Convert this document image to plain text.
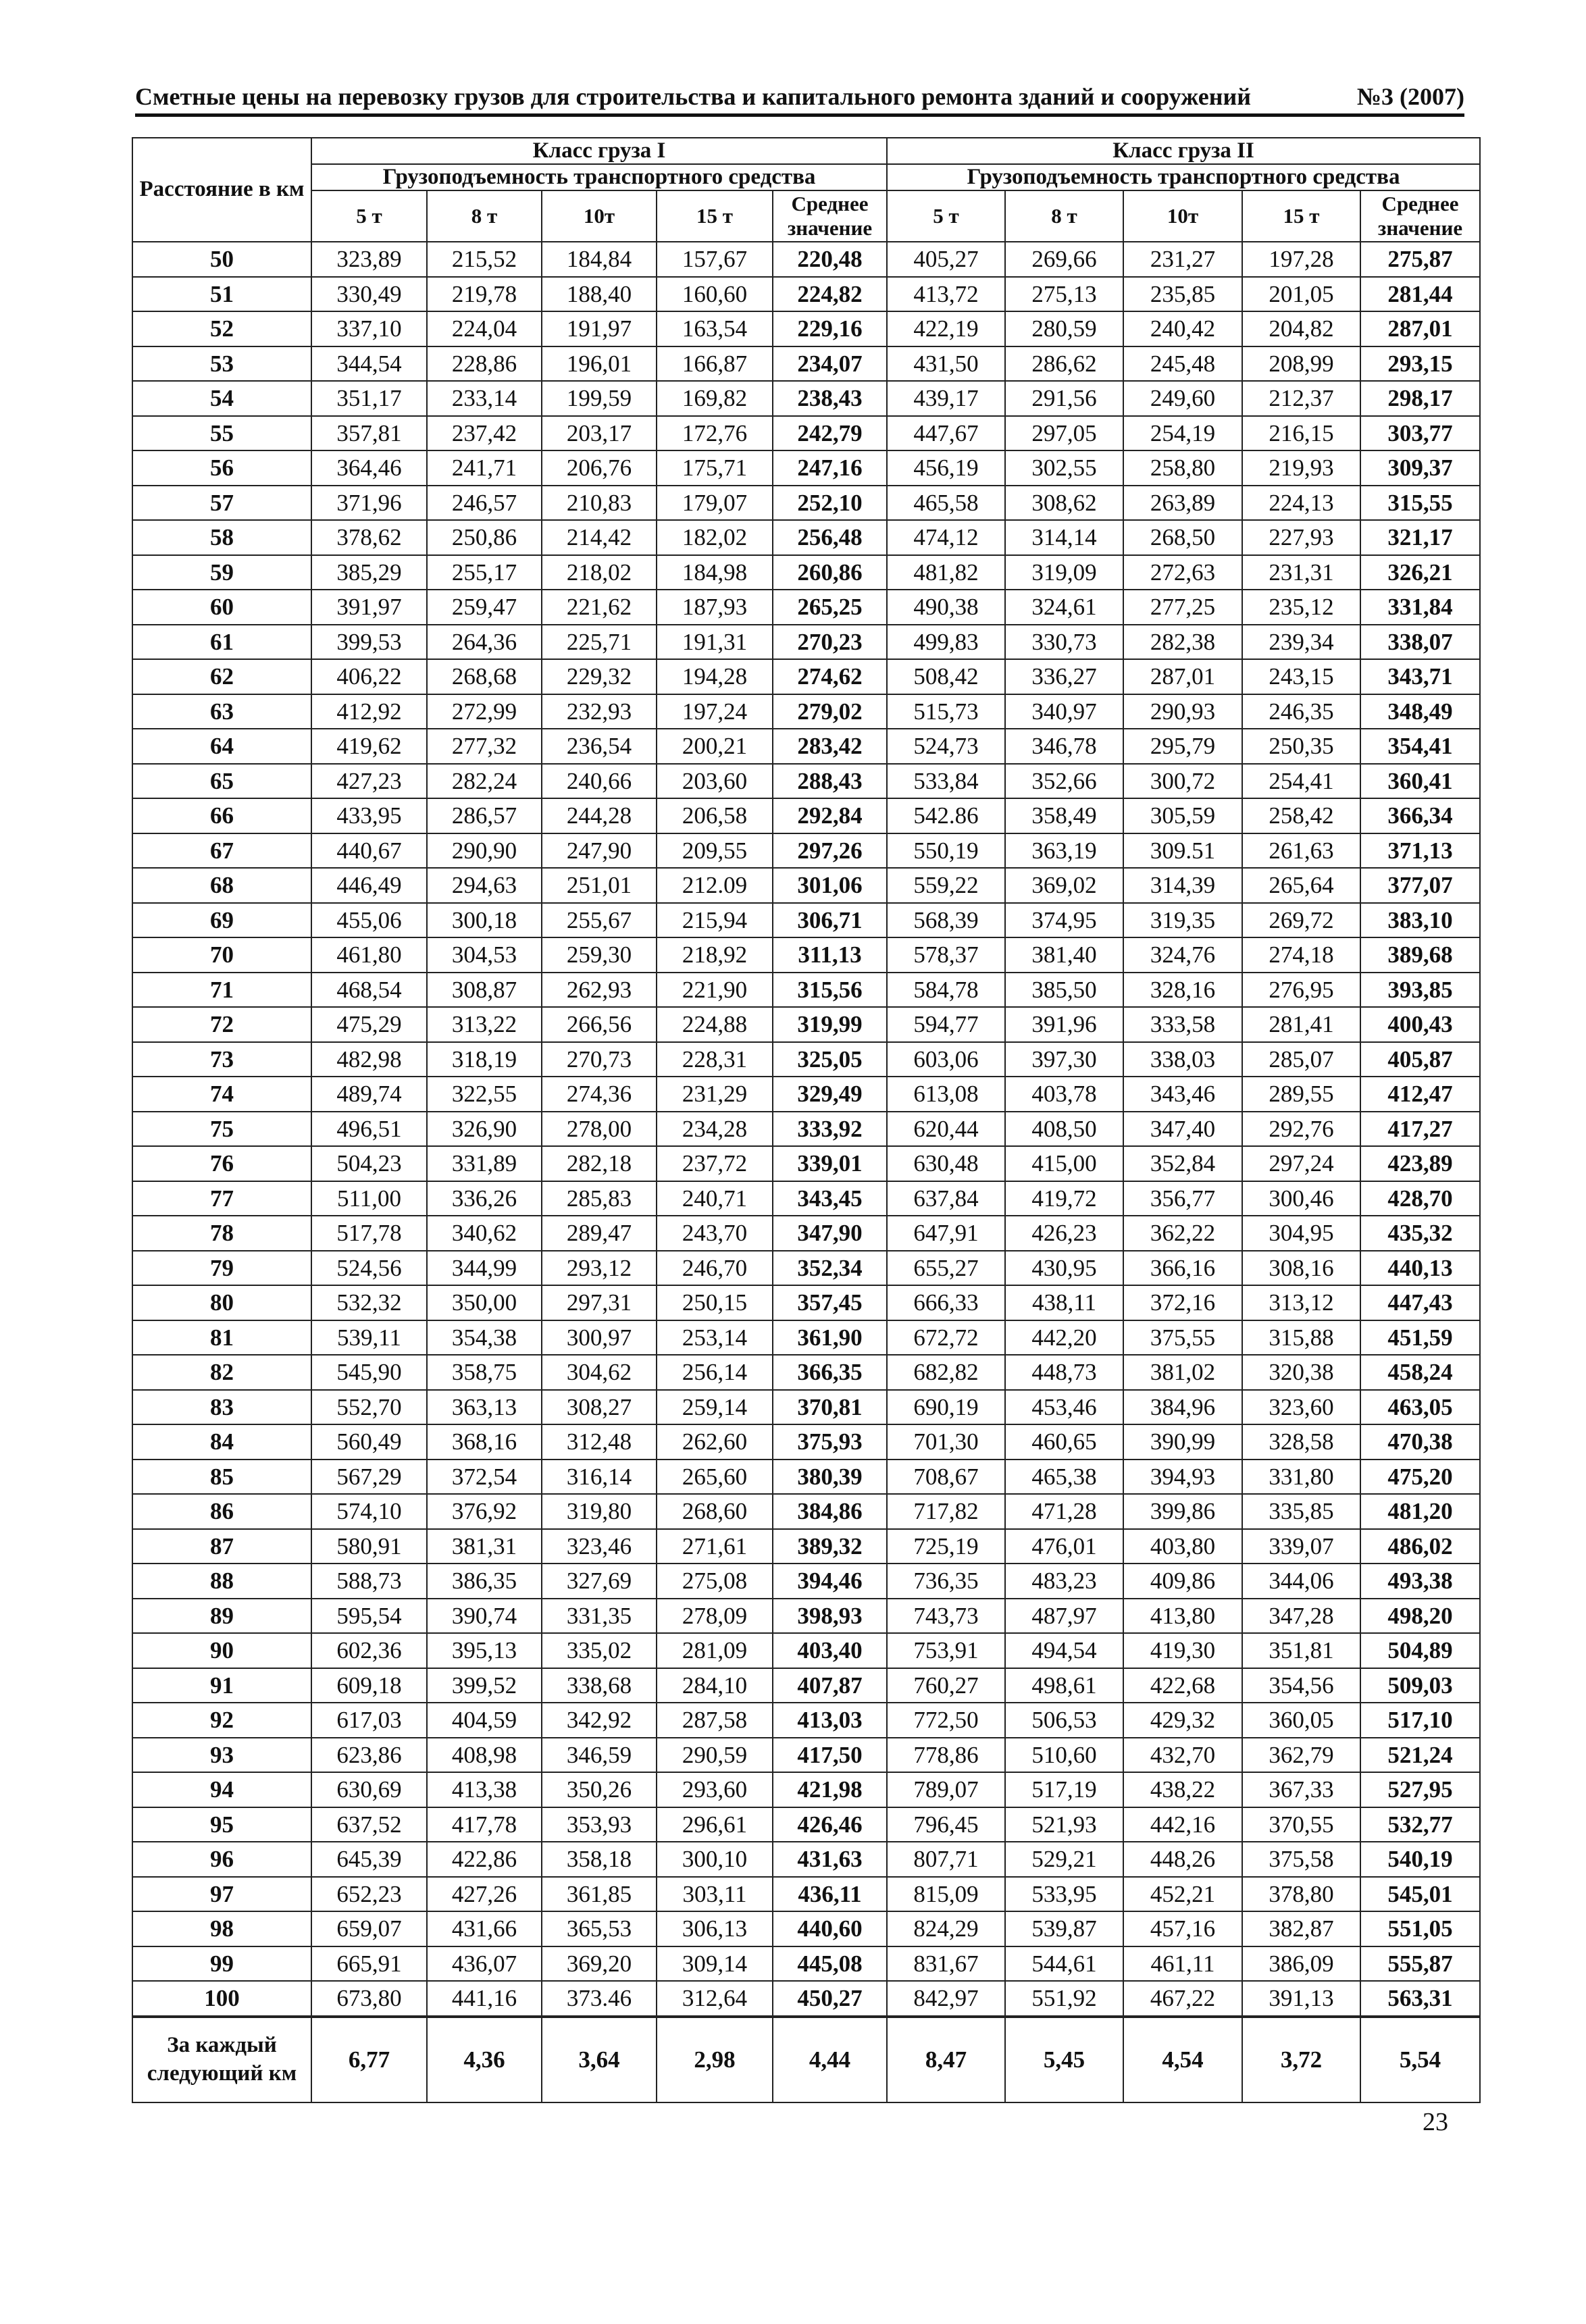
Сметные цены на перевозку грузов для строительства и капитального ремонта зданий и сооружений	№3 (2007)
Расстояние в км	Класс груза I					Класс груза II				
	Грузоподъемность транспортного средства					Грузоподъемность транспортного средства				
	5 т	8 т	10т	15 т	Среднее значение	5 т	8 т	10т	15 т	Среднее значение
50	323,89	215,52	184,84	157,67	220,48	405,27	269,66	231,27	197,28	275,87
51	330,49	219,78	188,40	160,60	224,82	413,72	275,13	235,85	201,05	281,44
52	337,10	224,04	191,97	163,54	229,16	422,19	280,59	240,42	204,82	287,01
53	344,54	228,86	196,01	166,87	234,07	431,50	286,62	245,48	208,99	293,15
54	351,17	233,14	199,59	169,82	238,43	439,17	291,56	249,60	212,37	298,17
55	357,81	237,42	203,17	172,76	242,79	447,67	297,05	254,19	216,15	303,77
56	364,46	241,71	206,76	175,71	247,16	456,19	302,55	258,80	219,93	309,37
57	371,96	246,57	210,83	179,07	252,10	465,58	308,62	263,89	224,13	315,55
58	378,62	250,86	214,42	182,02	256,48	474,12	314,14	268,50	227,93	321,17
59	385,29	255,17	218,02	184,98	260,86	481,82	319,09	272,63	231,31	326,21
60	391,97	259,47	221,62	187,93	265,25	490,38	324,61	277,25	235,12	331,84
61	399,53	264,36	225,71	191,31	270,23	499,83	330,73	282,38	239,34	338,07
62	406,22	268,68	229,32	194,28	274,62	508,42	336,27	287,01	243,15	343,71
63	412,92	272,99	232,93	197,24	279,02	515,73	340,97	290,93	246,35	348,49
64	419,62	277,32	236,54	200,21	283,42	524,73	346,78	295,79	250,35	354,41
65	427,23	282,24	240,66	203,60	288,43	533,84	352,66	300,72	254,41	360,41
66	433,95	286,57	244,28	206,58	292,84	542.86	358,49	305,59	258,42	366,34
67	440,67	290,90	247,90	209,55	297,26	550,19	363,19	309.51	261,63	371,13
68	446,49	294,63	251,01	212.09	301,06	559,22	369,02	314,39	265,64	377,07
69	455,06	300,18	255,67	215,94	306,71	568,39	374,95	319,35	269,72	383,10
70	461,80	304,53	259,30	218,92	311,13	578,37	381,40	324,76	274,18	389,68
71	468,54	308,87	262,93	221,90	315,56	584,78	385,50	328,16	276,95	393,85
72	475,29	313,22	266,56	224,88	319,99	594,77	391,96	333,58	281,41	400,43
73	482,98	318,19	270,73	228,31	325,05	603,06	397,30	338,03	285,07	405,87
74	489,74	322,55	274,36	231,29	329,49	613,08	403,78	343,46	289,55	412,47
75	496,51	326,90	278,00	234,28	333,92	620,44	408,50	347,40	292,76	417,27
76	504,23	331,89	282,18	237,72	339,01	630,48	415,00	352,84	297,24	423,89
77	511,00	336,26	285,83	240,71	343,45	637,84	419,72	356,77	300,46	428,70
78	517,78	340,62	289,47	243,70	347,90	647,91	426,23	362,22	304,95	435,32
79	524,56	344,99	293,12	246,70	352,34	655,27	430,95	366,16	308,16	440,13
80	532,32	350,00	297,31	250,15	357,45	666,33	438,11	372,16	313,12	447,43
81	539,11	354,38	300,97	253,14	361,90	672,72	442,20	375,55	315,88	451,59
82	545,90	358,75	304,62	256,14	366,35	682,82	448,73	381,02	320,38	458,24
83	552,70	363,13	308,27	259,14	370,81	690,19	453,46	384,96	323,60	463,05
84	560,49	368,16	312,48	262,60	375,93	701,30	460,65	390,99	328,58	470,38
85	567,29	372,54	316,14	265,60	380,39	708,67	465,38	394,93	331,80	475,20
86	574,10	376,92	319,80	268,60	384,86	717,82	471,28	399,86	335,85	481,20
87	580,91	381,31	323,46	271,61	389,32	725,19	476,01	403,80	339,07	486,02
88	588,73	386,35	327,69	275,08	394,46	736,35	483,23	409,86	344,06	493,38
89	595,54	390,74	331,35	278,09	398,93	743,73	487,97	413,80	347,28	498,20
90	602,36	395,13	335,02	281,09	403,40	753,91	494,54	419,30	351,81	504,89
91	609,18	399,52	338,68	284,10	407,87	760,27	498,61	422,68	354,56	509,03
92	617,03	404,59	342,92	287,58	413,03	772,50	506,53	429,32	360,05	517,10
93	623,86	408,98	346,59	290,59	417,50	778,86	510,60	432,70	362,79	521,24
94	630,69	413,38	350,26	293,60	421,98	789,07	517,19	438,22	367,33	527,95
95	637,52	417,78	353,93	296,61	426,46	796,45	521,93	442,16	370,55	532,77
96	645,39	422,86	358,18	300,10	431,63	807,71	529,21	448,26	375,58	540,19
97	652,23	427,26	361,85	303,11	436,11	815,09	533,95	452,21	378,80	545,01
98	659,07	431,66	365,53	306,13	440,60	824,29	539,87	457,16	382,87	551,05
99	665,91	436,07	369,20	309,14	445,08	831,67	544,61	461,11	386,09	555,87
100	673,80	441,16	373.46	312,64	450,27	842,97	551,92	467,22	391,13	563,31
За каждый следующий км	6,77	4,36	3,64	2,98	4,44	8,47	5,45	4,54	3,72	5,54
23
